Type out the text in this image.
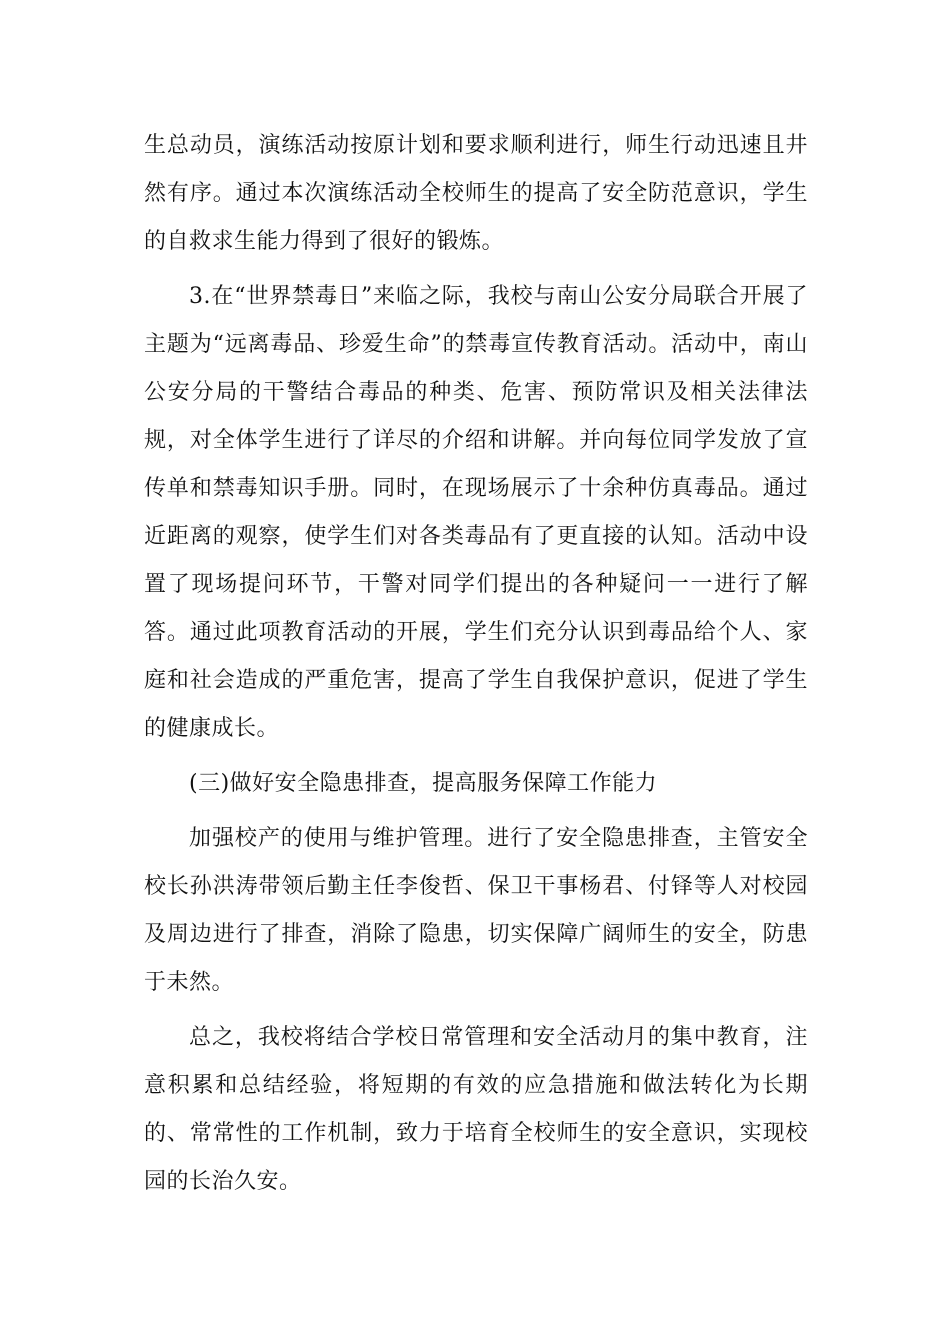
生总动员，演练活动按原计划和要求顺利进行，师生行动迅速且井然有序。通过本次演练活动全校师生的提高了安全防范意识，学生的自救求生能力得到了很好的锻炼。

3.在“世界禁毒日”来临之际，我校与南山公安分局联合开展了主题为“远离毒品、珍爱生命”的禁毒宣传教育活动。活动中，南山公安分局的干警结合毒品的种类、危害、预防常识及相关法律法规，对全体学生进行了详尽的介绍和讲解。并向每位同学发放了宣传单和禁毒知识手册。同时，在现场展示了十余种仿真毒品。通过近距离的观察，使学生们对各类毒品有了更直接的认知。活动中设置了现场提问环节，干警对同学们提出的各种疑问一一进行了解答。通过此项教育活动的开展，学生们充分认识到毒品给个人、家庭和社会造成的严重危害，提高了学生自我保护意识，促进了学生的健康成长。

(三)做好安全隐患排查，提高服务保障工作能力

加强校产的使用与维护管理。进行了安全隐患排查，主管安全校长孙洪涛带领后勤主任李俊哲、保卫干事杨君、付铎等人对校园及周边进行了排查，消除了隐患，切实保障广阔师生的安全，防患于未然。

总之，我校将结合学校日常管理和安全活动月的集中教育，注意积累和总结经验，将短期的有效的应急措施和做法转化为长期的、常常性的工作机制，致力于培育全校师生的安全意识，实现校园的长治久安。
